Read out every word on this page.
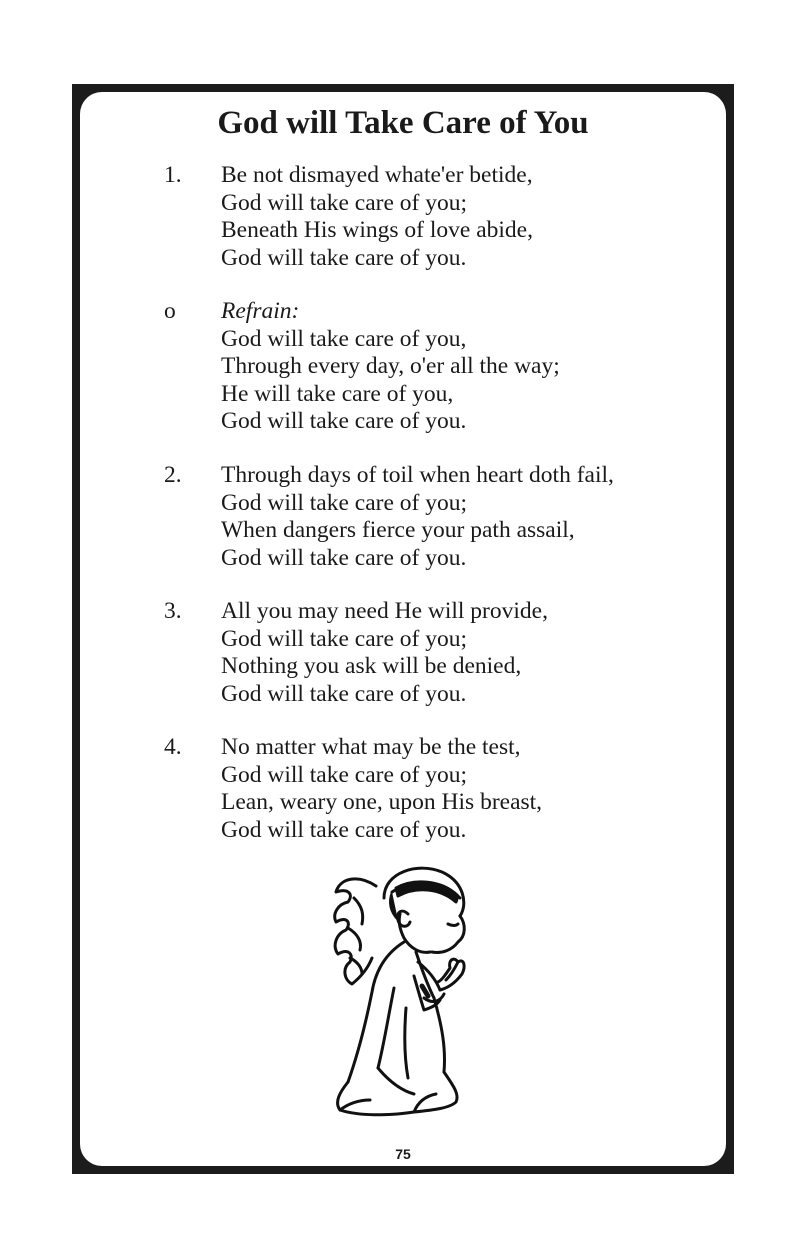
God will Take Care of You
1. Be not dismayed whate'er betide,
God will take care of you;
Beneath His wings of love abide,
God will take care of you.
o Refrain:
God will take care of you,
Through every day, o'er all the way;
He will take care of you,
God will take care of you.
2. Through days of toil when heart doth fail,
God will take care of you;
When dangers fierce your path assail,
God will take care of you.
3. All you may need He will provide,
God will take care of you;
Nothing you ask will be denied,
God will take care of you.
4. No matter what may be the test,
God will take care of you;
Lean, weary one, upon His breast,
God will take care of you.
75
